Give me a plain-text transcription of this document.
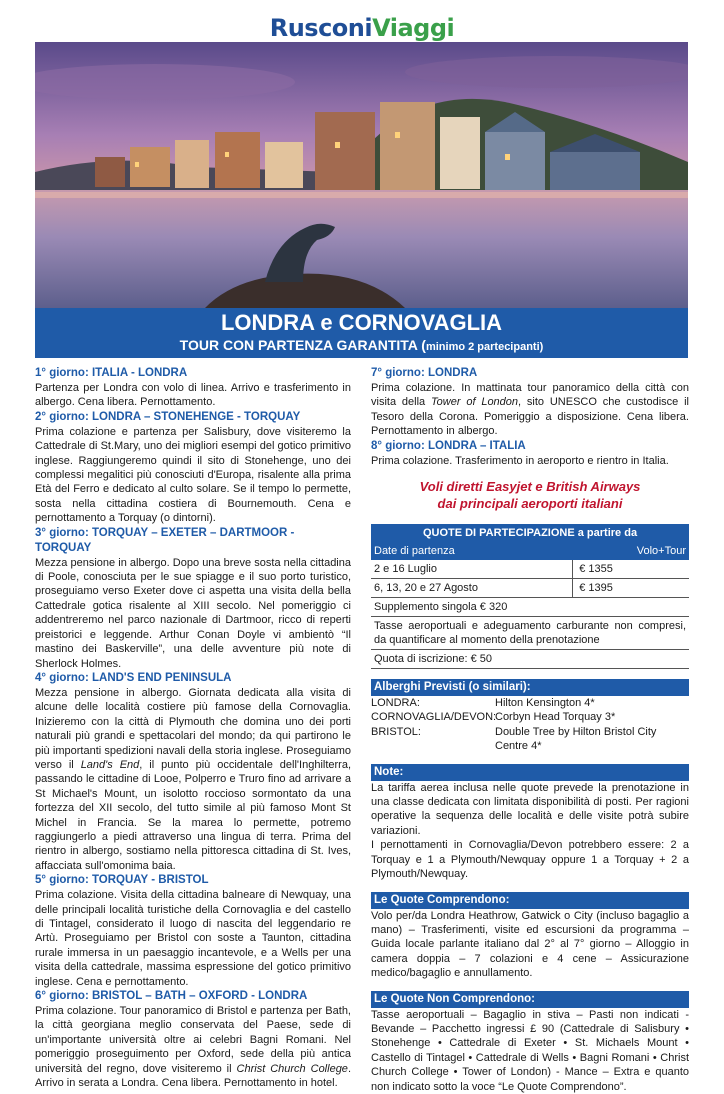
RusconiViaggi
LONDRA e CORNOVAGLIA
TOUR CON PARTENZA GARANTITA (minimo 2 partecipanti)
1° giorno: ITALIA - LONDRA
Partenza per Londra con volo di linea. Arrivo e trasferimento in albergo. Cena libera. Pernottamento.
2° giorno: LONDRA – STONEHENGE - TORQUAY
Prima colazione e partenza per Salisbury, dove visiteremo la Cattedrale di St.Mary, uno dei migliori esempi del gotico primitivo inglese. Raggiungeremo quindi il sito di Stonehenge, uno dei complessi megalitici più conosciuti d'Europa, risalente alla prima Età del Ferro e dedicato al culto solare. Se il tempo lo permette, sosta nella cittadina costiera di Bournemouth. Cena e pernottamento a Torquay (o dintorni).
3° giorno: TORQUAY – EXETER – DARTMOOR - TORQUAY
Mezza pensione in albergo. Dopo una breve sosta nella cittadina di Poole, conosciuta per le sue spiagge e il suo porto turistico, proseguiamo verso Exeter dove ci aspetta una visita della bella Cattedrale gotica risalente al XIII secolo. Nel pomeriggio ci addentreremo nel parco nazionale di Dartmoor, ricco di reperti preistorici e leggende. Arthur Conan Doyle vi ambientò “Il mastino dei Baskerville”, una delle avventure più note di Sherlock Holmes.
4° giorno: LAND'S END PENINSULA
Mezza pensione in albergo. Giornata dedicata alla visita di alcune delle località costiere più famose della Cornovaglia. Inizieremo con la città di Plymouth che domina uno dei porti naturali più grandi e spettacolari del mondo; da qui partirono le più importanti spedizioni navali della storia inglese. Proseguiamo verso il Land's End, il punto più occidentale dell'Inghilterra, passando le cittadine di Looe, Polperro e Truro fino ad arrivare a St Michael's Mount, un isolotto roccioso sormontato da una fortezza del XII secolo, del tutto simile al più famoso Mont St Michel in Francia. Se la marea lo permette, potremo raggiungerlo a piedi attraverso una lingua di terra. Prima del rientro in albergo, sostiamo nella pittoresca cittadina di St. Ives, affacciata sull'omonima baia.
5° giorno: TORQUAY - BRISTOL
Prima colazione. Visita della cittadina balneare di Newquay, una delle principali località turistiche della Cornovaglia e del castello di Tintagel, considerato il luogo di nascita del leggendario re Artù. Proseguiamo per Bristol con soste a Taunton, cittadina rurale immersa in un paesaggio incantevole, e a Wells per una visita della cattedrale, massima espressione del gotico primitivo inglese. Cena e pernottamento.
6° giorno: BRISTOL – BATH – OXFORD - LONDRA
Prima colazione. Tour panoramico di Bristol e partenza per Bath, la città georgiana meglio conservata del Paese, sede di un'importante università oltre ai celebri Bagni Romani. Nel pomeriggio proseguimento per Oxford, sede della più antica università del regno, dove visiteremo il Christ Church College. Arrivo in serata a Londra. Cena libera. Pernottamento in hotel.
7° giorno: LONDRA
Prima colazione. In mattinata tour panoramico della città con visita della Tower of London, sito UNESCO che custodisce il Tesoro della Corona. Pomeriggio a disposizione. Cena libera. Pernottamento in albergo.
8° giorno: LONDRA – ITALIA
Prima colazione. Trasferimento in aeroporto e rientro in Italia.
Voli diretti Easyjet e British Airways
dai principali aeroporti italiani
QUOTE DI PARTECIPAZIONE a partire da	
Date di partenza	Volo+Tour
2 e 16 Luglio	€ 1355
6, 13, 20 e 27 Agosto	€ 1395
Supplemento singola € 320	
Tasse aeroportuali e adeguamento carburante non compresi, da quantificare al momento della prenotazione	
Quota di iscrizione: € 50	
Alberghi Previsti (o similari):
LONDRA:	Hilton Kensington 4*
CORNOVAGLIA/DEVON:
Corbyn Head Torquay 3*
BRISTOL:	Double Tree by Hilton Bristol City Centre 4*
Note:
La tariffa aerea inclusa nelle quote prevede la prenotazione in una classe dedicata con limitata disponibilità di posti. Per ragioni operative la sequenza delle località e delle visite potrà subire variazioni.
I pernottamenti in Cornovaglia/Devon potrebbero essere: 2 a Torquay e 1 a Plymouth/Newquay oppure 1 a Torquay + 2 a Plymouth/Newquay.
Le Quote Comprendono:
Volo per/da Londra Heathrow, Gatwick o City (incluso bagaglio a mano) – Trasferimenti, visite ed escursioni da programma – Guida locale parlante italiano dal 2° al 7° giorno – Alloggio in camera doppia – 7 colazioni e 4 cene – Assicurazione medico/bagaglio e annullamento.
Le Quote Non Comprendono:
Tasse aeroportuali – Bagaglio in stiva – Pasti non indicati - Bevande – Pacchetto ingressi £ 90 (Cattedrale di Salisbury • Stonehenge • Cattedrale di Exeter • St. Michaels Mount • Castello di Tintagel • Cattedrale di Wells • Bagni Romani • Christ Church College • Tower of London) - Mance – Extra e quanto non indicato sotto la voce “Le Quote Comprendono”.
